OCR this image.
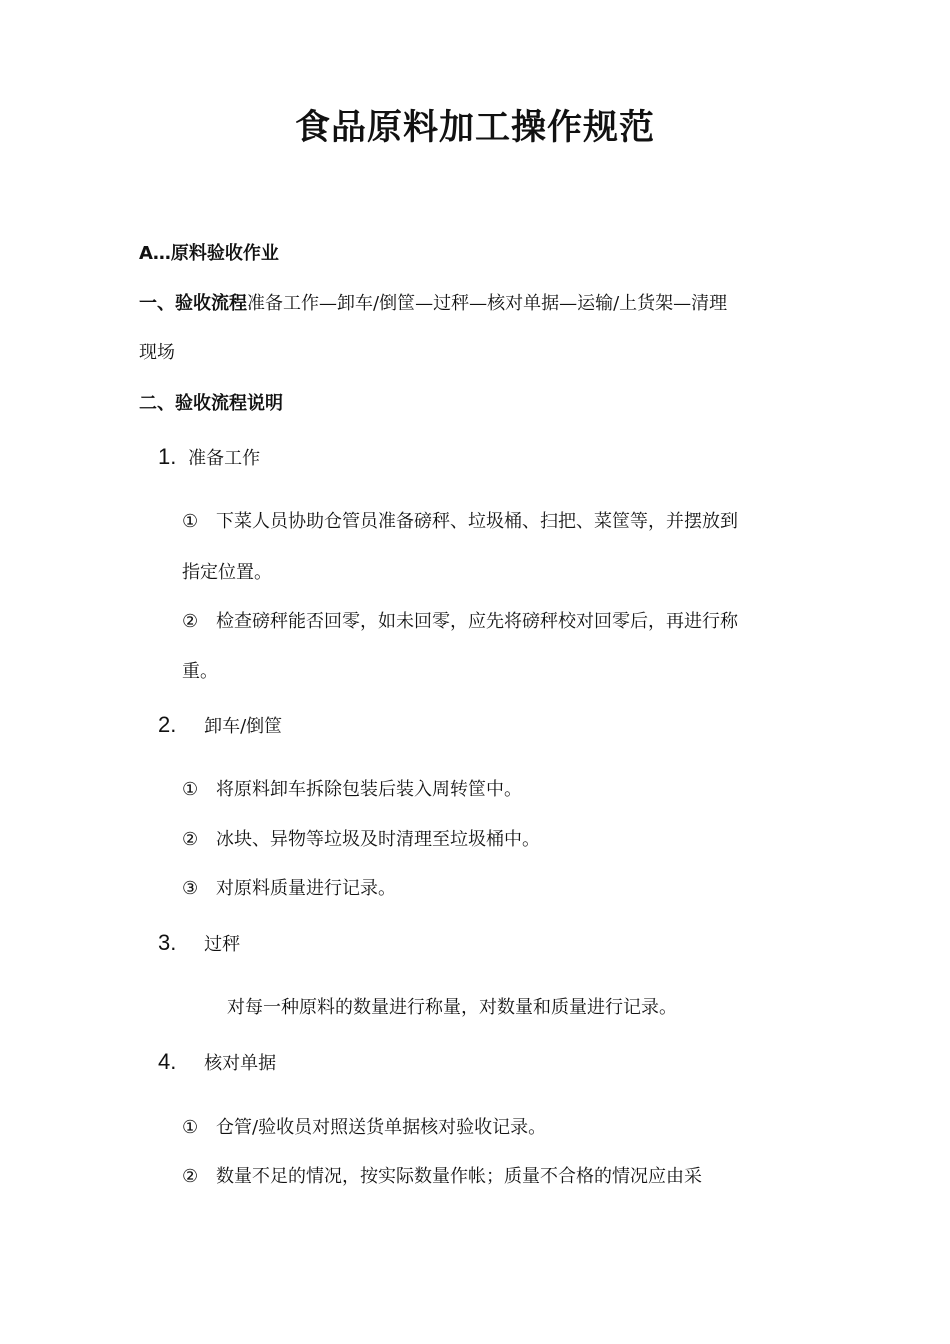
食品原料加工操作规范
A…原料验收作业
一、验收流程准备工作—卸车/倒筐—过秤—核对单据—运输/上货架—清理
现场
二、验收流程说明
1. 准备工作
① 下菜人员协助仓管员准备磅秤、垃圾桶、扫把、菜筐等，并摆放到
指定位置。
② 检查磅秤能否回零，如未回零，应先将磅秤校对回零后，再进行称
重。
2. 卸车/倒筐
① 将原料卸车拆除包装后装入周转筐中。
② 冰块、异物等垃圾及时清理至垃圾桶中。
③ 对原料质量进行记录。
3. 过秤
对每一种原料的数量进行称量，对数量和质量进行记录。
4. 核对单据
① 仓管/验收员对照送货单据核对验收记录。
② 数量不足的情况，按实际数量作帐；质量不合格的情况应由采
